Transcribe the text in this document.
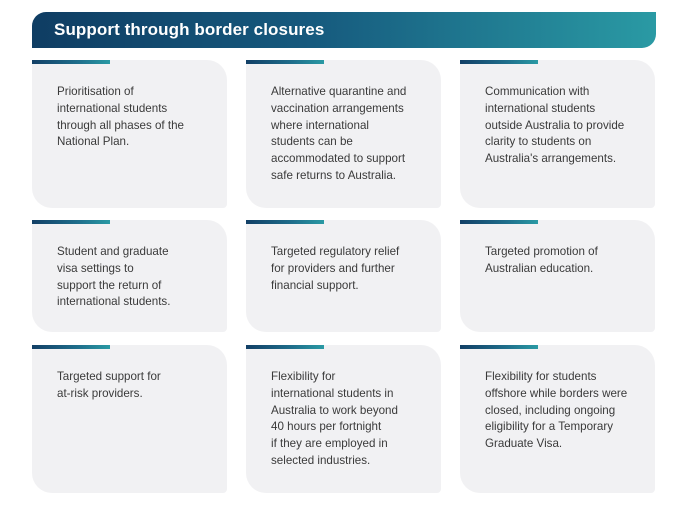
Support through border closures
Prioritisation of
international students
through all phases of the
National Plan.
Alternative quarantine and
vaccination arrangements
where international
students can be
accommodated to support
safe returns to Australia.
Communication with
international students
outside Australia to provide
clarity to students on
Australia's arrangements.
Student and graduate
visa settings to
support the return of
international students.
Targeted regulatory relief
for providers and further
financial support.
Targeted promotion of
Australian education.
Targeted support for
at-risk providers.
Flexibility for
international students in
Australia to work beyond
40 hours per fortnight
if they are employed in
selected industries.
Flexibility for students
offshore while borders were
closed, including ongoing
eligibility for a Temporary
Graduate Visa.
